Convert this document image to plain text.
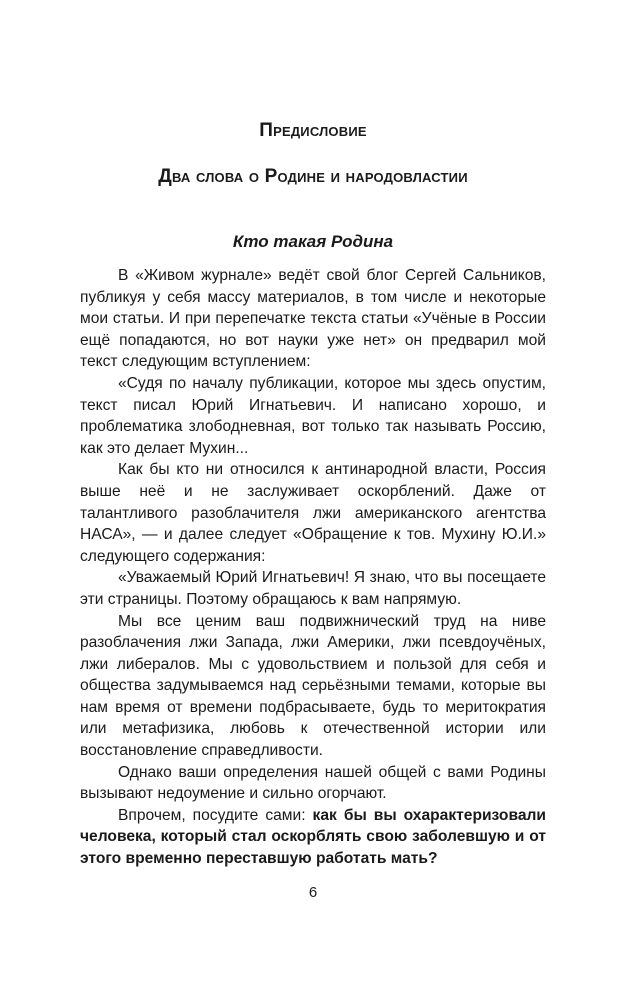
Предисловие
Два слова о Родине и народовластии
Кто такая Родина

В «Живом журнале» ведёт свой блог Сергей Сальников, публикуя у себя массу материалов, в том числе и некоторые мои статьи. И при перепечатке текста статьи «Учёные в России ещё попадаются, но вот науки уже нет» он предварил мой текст следующим вступлением:

«Судя по началу публикации, которое мы здесь опустим, текст писал Юрий Игнатьевич. И написано хорошо, и проблематика злободневная, вот только так называть Россию, как это делает Мухин...

Как бы кто ни относился к антинародной власти, Россия выше неё и не заслуживает оскорблений. Даже от талантливого разоблачителя лжи американского агентства НАСА», — и далее следует «Обращение к тов. Мухину Ю.И.» следующего содержания:

«Уважаемый Юрий Игнатьевич! Я знаю, что вы посещаете эти страницы. Поэтому обращаюсь к вам напрямую.

Мы все ценим ваш подвижнический труд на ниве разоблачения лжи Запада, лжи Америки, лжи псевдоучёных, лжи либералов. Мы с удовольствием и пользой для себя и общества задумываемся над серьёзными темами, которые вы нам время от времени подбрасываете, будь то меритократия или метафизика, любовь к отечественной истории или восстановление справедливости.

Однако ваши определения нашей общей с вами Родины вызывают недоумение и сильно огорчают.

Впрочем, посудите сами: как бы вы охарактеризовали человека, который стал оскорблять свою заболевшую и от этого временно переставшую работать мать?

6
